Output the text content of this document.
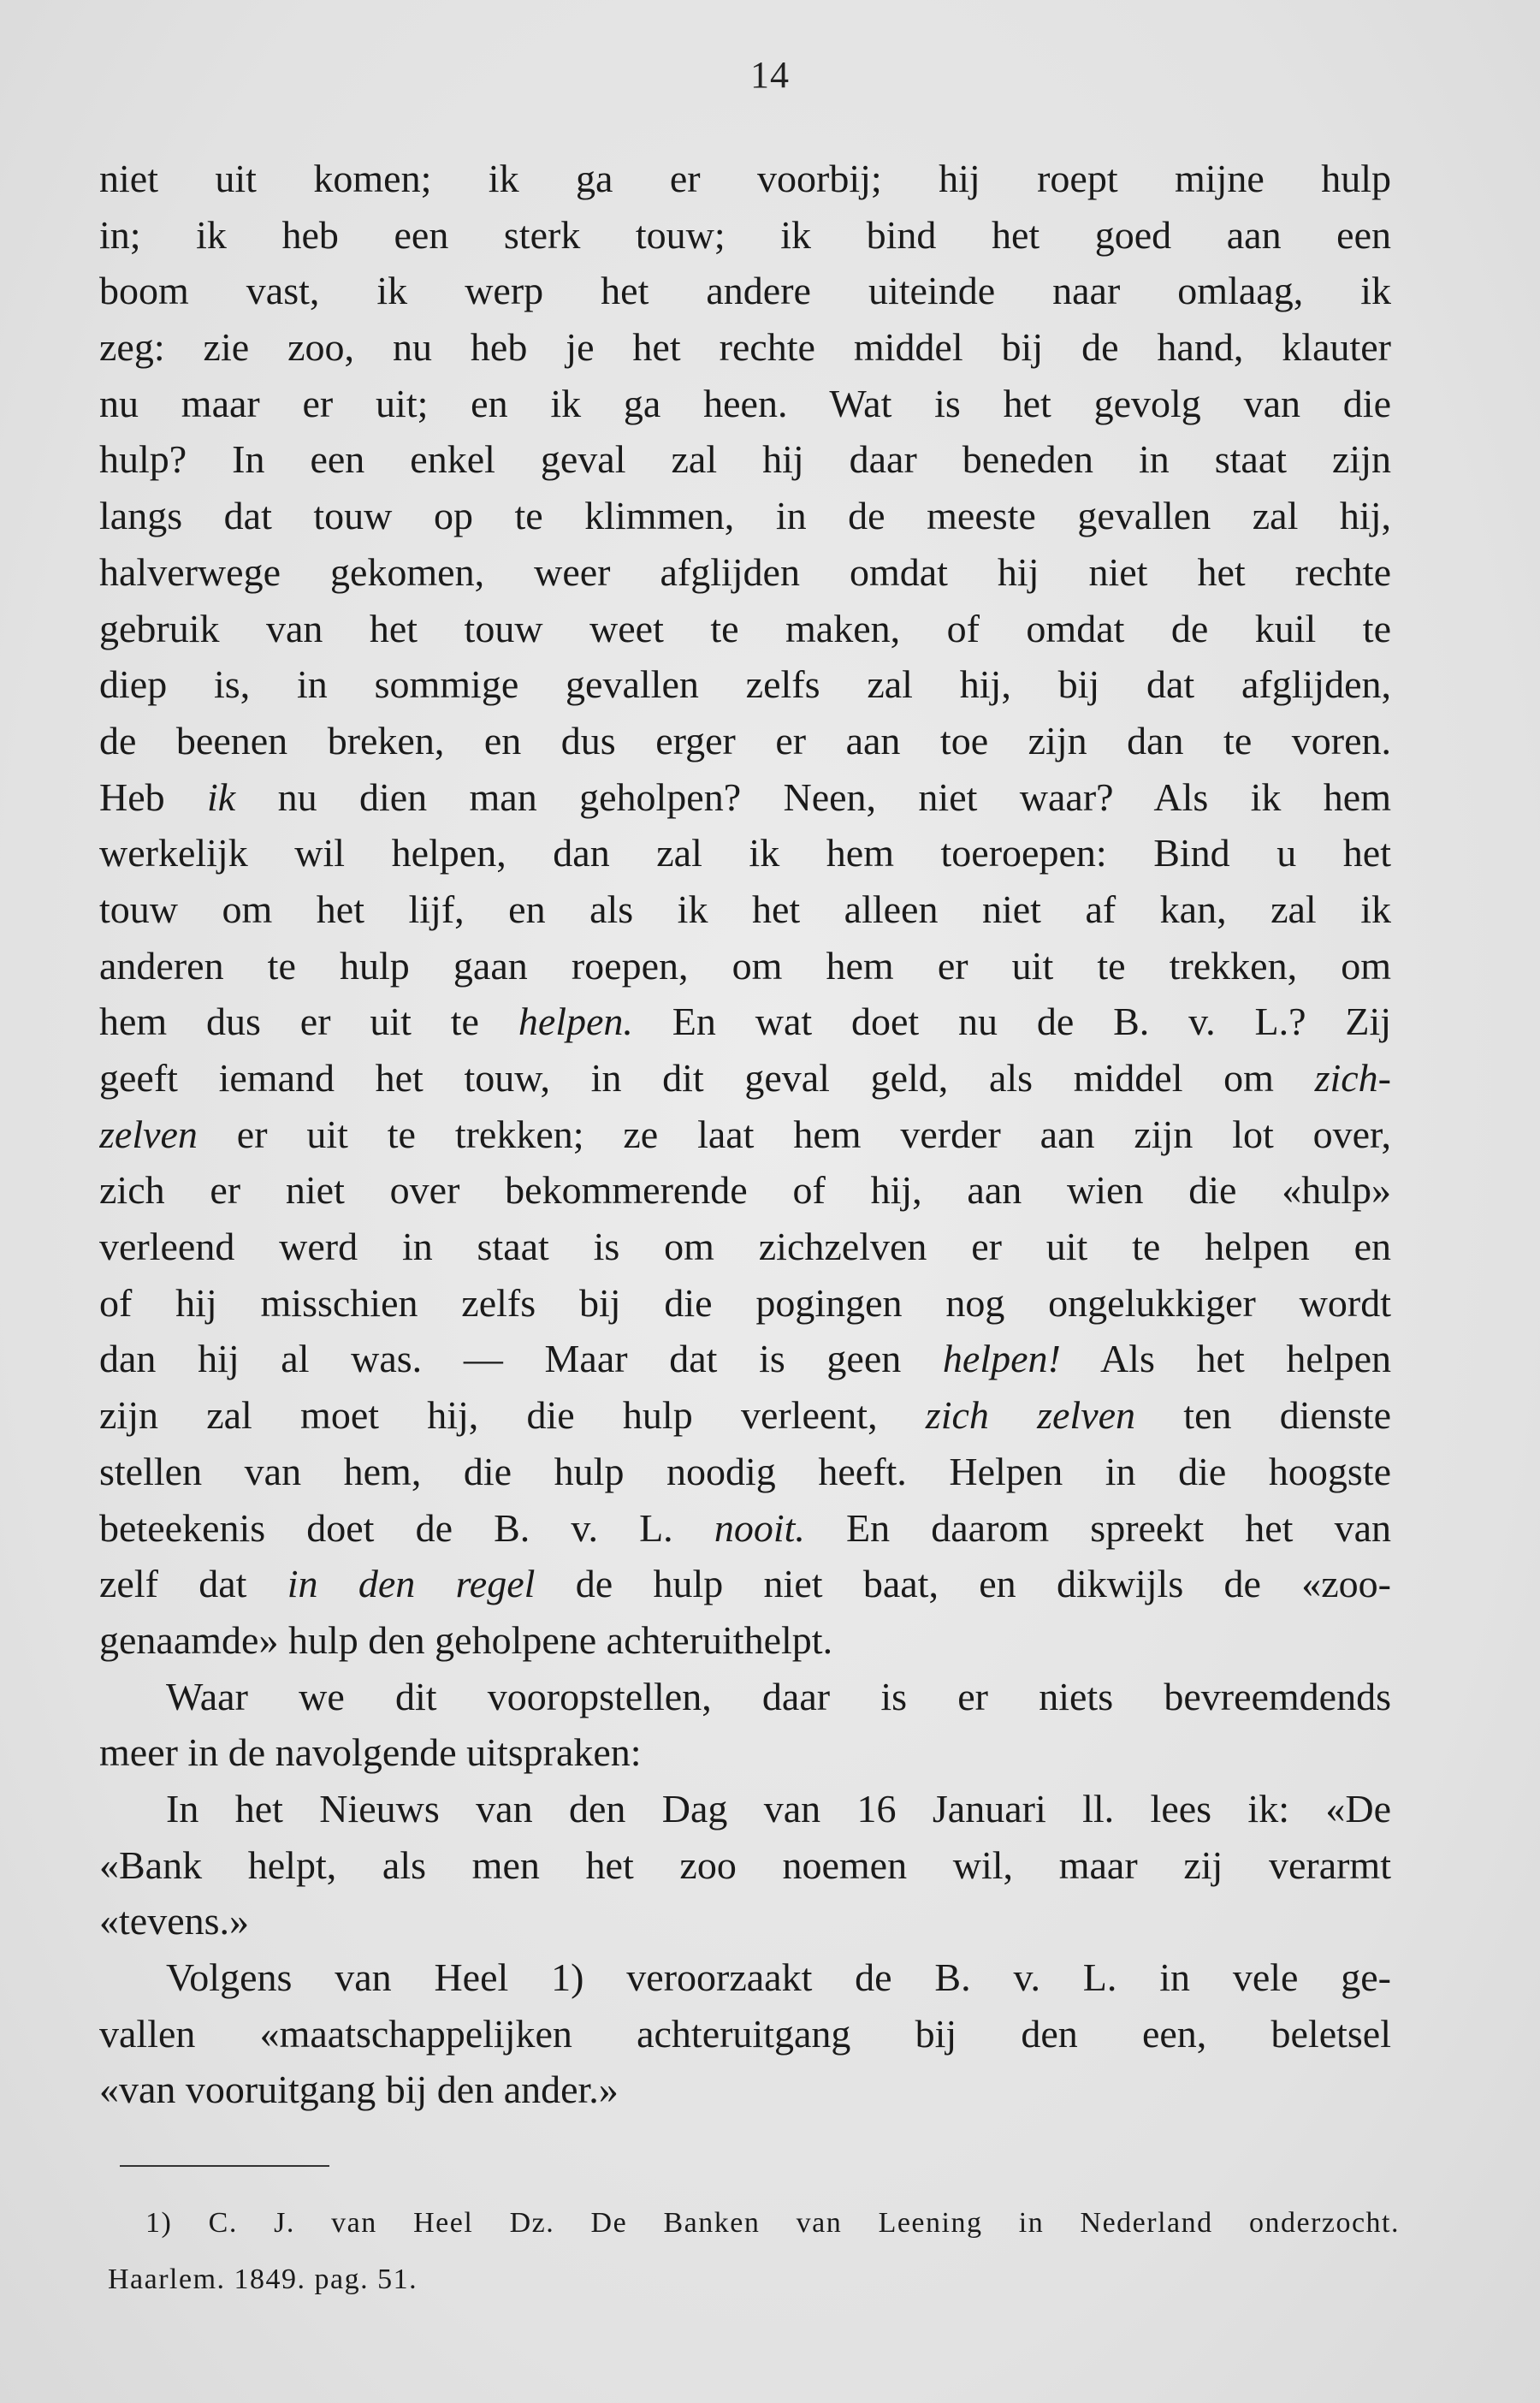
14
niet uit komen; ik ga er voorbij; hij roept mijne hulp
in; ik heb een sterk touw; ik bind het goed aan een
boom vast, ik werp het andere uiteinde naar omlaag, ik
zeg: zie zoo, nu heb je het rechte middel bij de hand, klauter
nu maar er uit; en ik ga heen. Wat is het gevolg van die
hulp? In een enkel geval zal hij daar beneden in staat zijn
langs dat touw op te klimmen, in de meeste gevallen zal hij,
halverwege gekomen, weer afglijden omdat hij niet het rechte
gebruik van het touw weet te maken, of omdat de kuil te
diep is, in sommige gevallen zelfs zal hij, bij dat afglijden,
de beenen breken, en dus erger er aan toe zijn dan te voren.
Heb ik nu dien man geholpen? Neen, niet waar? Als ik hem
werkelijk wil helpen, dan zal ik hem toeroepen: Bind u het
touw om het lijf, en als ik het alleen niet af kan, zal ik
anderen te hulp gaan roepen, om hem er uit te trekken, om
hem dus er uit te helpen. En wat doet nu de B. v. L.? Zij
geeft iemand het touw, in dit geval geld, als middel om zich-
zelven er uit te trekken; ze laat hem verder aan zijn lot over,
zich er niet over bekommerende of hij, aan wien die «hulp»
verleend werd in staat is om zichzelven er uit te helpen en
of hij misschien zelfs bij die pogingen nog ongelukkiger wordt
dan hij al was. — Maar dat is geen helpen! Als het helpen
zijn zal moet hij, die hulp verleent, zich zelven ten dienste
stellen van hem, die hulp noodig heeft. Helpen in die hoogste
beteekenis doet de B. v. L. nooit. En daarom spreekt het van
zelf dat in den regel de hulp niet baat, en dikwijls de «zoo-
genaamde» hulp den geholpene achteruithelpt.
Waar we dit vooropstellen, daar is er niets bevreemdends
meer in de navolgende uitspraken:
In het Nieuws van den Dag van 16 Januari ll. lees ik: «De
«Bank helpt, als men het zoo noemen wil, maar zij verarmt
«tevens.»
Volgens van Heel 1) veroorzaakt de B. v. L. in vele ge-
vallen «maatschappelijken achteruitgang bij den een, beletsel
«van vooruitgang bij den ander.»
1) C. J. van Heel Dz. De Banken van Leening in Nederland onderzocht.
Haarlem. 1849. pag. 51.
